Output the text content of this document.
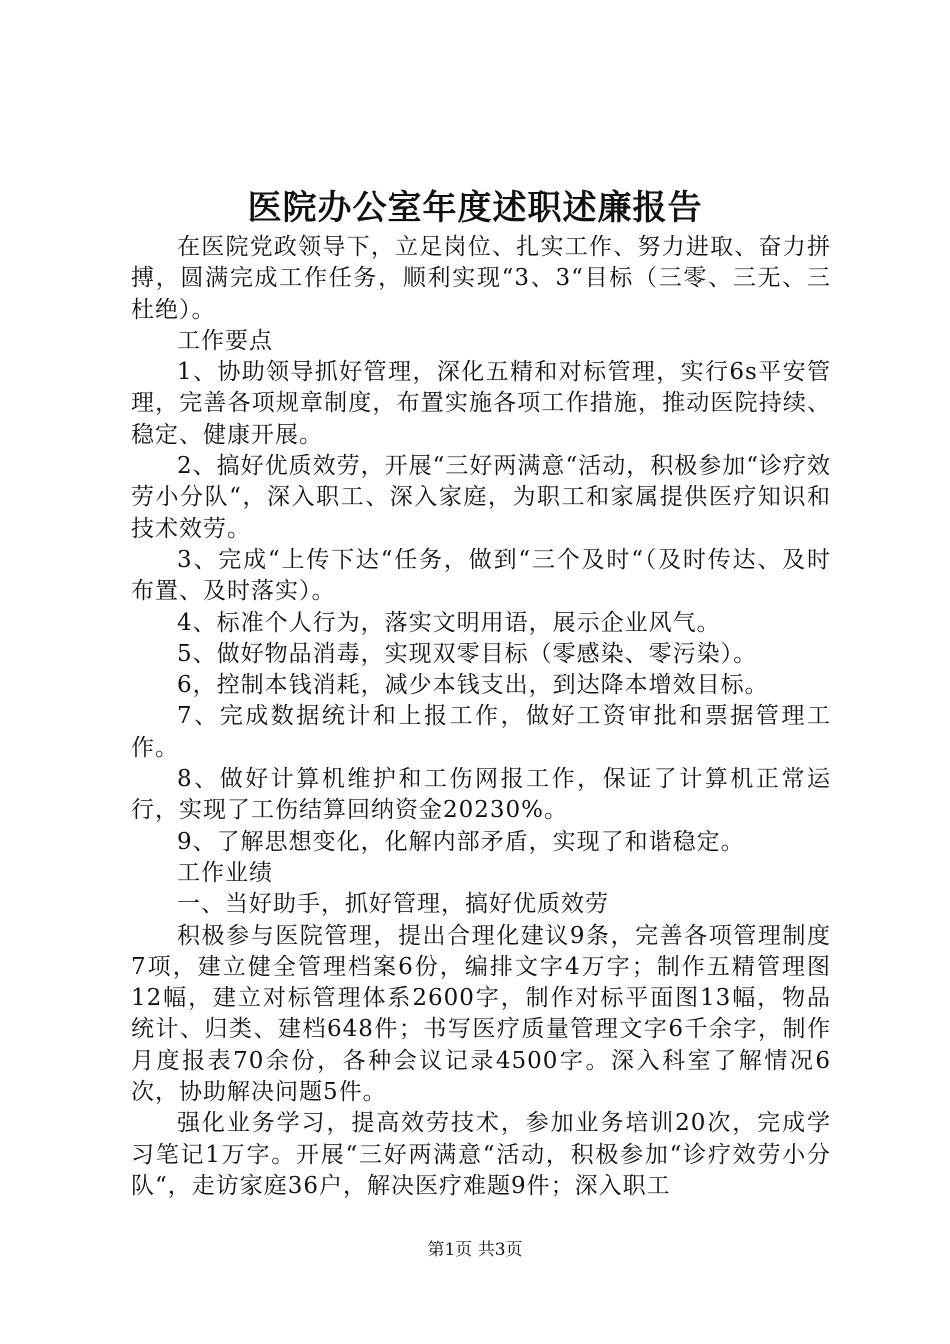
医院办公室年度述职述廉报告

在医院党政领导下，立足岗位、扎实工作、努力进取、奋力拼搏，圆满完成工作任务，顺利实现“3、3“目标（三零、三无、三杜绝）。

工作要点

1、协助领导抓好管理，深化五精和对标管理，实行6s平安管理，完善各项规章制度，布置实施各项工作措施，推动医院持续、稳定、健康开展。

2、搞好优质效劳，开展“三好两满意“活动，积极参加“诊疗效劳小分队“，深入职工、深入家庭，为职工和家属提供医疗知识和技术效劳。

3、完成“上传下达“任务，做到“三个及时“（及时传达、及时布置、及时落实）。

4、标准个人行为，落实文明用语，展示企业风气。

5、做好物品消毒，实现双零目标（零感染、零污染）。

6，控制本钱消耗，减少本钱支出，到达降本增效目标。

7、完成数据统计和上报工作，做好工资审批和票据管理工作。

8、做好计算机维护和工伤网报工作，保证了计算机正常运行，实现了工伤结算回纳资金20230%。

9、了解思想变化，化解内部矛盾，实现了和谐稳定。

工作业绩

一、当好助手，抓好管理，搞好优质效劳

积极参与医院管理，提出合理化建议9条，完善各项管理制度7项，建立健全管理档案6份，编排文字4万字；制作五精管理图12幅，建立对标管理体系2600字，制作对标平面图13幅，物品统计、归类、建档648件；书写医疗质量管理文字6千余字，制作月度报表70余份，各种会议记录4500字。深入科室了解情况6次，协助解决问题5件。

强化业务学习，提高效劳技术，参加业务培训20次，完成学习笔记1万字。开展“三好两满意“活动，积极参加“诊疗效劳小分队“，走访家庭36户，解决医疗难题9件；深入职工

第1页 共3页
